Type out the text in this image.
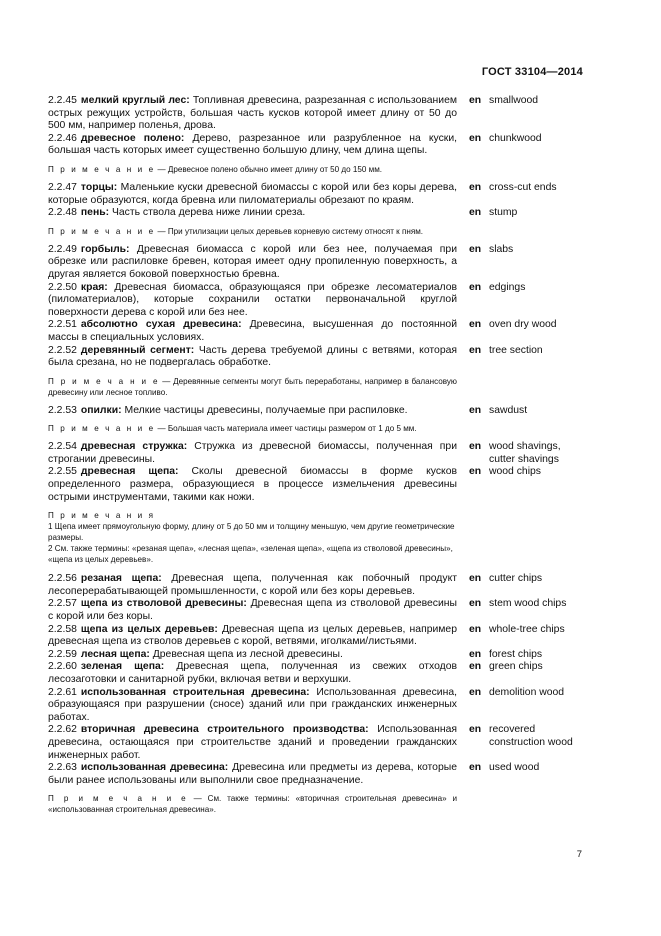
ГОСТ 33104—2014
2.2.45 мелкий круглый лес: Топливная древесина, разрезанная с использованием острых режущих устройств, большая часть кусков которой имеет длину от 50 до 500 мм, например поленья, дрова.
en smallwood
2.2.46 древесное полено: Дерево, разрезанное или разрубленное на куски, большая часть которых имеет существенно большую длину, чем длина щепы.
en chunkwood
П р и м е ч а н и е — Древесное полено обычно имеет длину от 50 до 150 мм.
2.2.47 торцы: Маленькие куски древесной биомассы с корой или без коры дерева, которые образуются, когда бревна или пиломатериалы обрезают по краям.
en cross-cut ends
2.2.48 пень: Часть ствола дерева ниже линии среза.	en stump
П р и м е ч а н и е — При утилизации целых деревьев корневую систему относят к пням.
2.2.49 горбыль: Древесная биомасса с корой или без нее, получаемая при обрезке или распиловке бревен, которая имеет одну пропиленную поверхность, а другая является боковой поверхностью бревна.
en slabs
2.2.50 края: Древесная биомасса, образующаяся при обрезке лесоматериалов (пиломатериалов), которые сохранили остатки первоначальной круглой поверхности дерева с корой или без нее.
en edgings
2.2.51 абсолютно сухая древесина: Древесина, высушенная до постоянной массы в специальных условиях.
en oven dry wood
2.2.52 деревянный сегмент: Часть дерева требуемой длины с ветвями, которая была срезана, но не подвергалась обработке.
en tree section
П р и м е ч а н и е — Деревянные сегменты могут быть переработаны, например в балансовую древесину или лесное топливо.
2.2.53 опилки: Мелкие частицы древесины, получаемые при распиловке.	en sawdust
П р и м е ч а н и е — Большая часть материала имеет частицы размером от 1 до 5 мм.
2.2.54 древесная стружка: Стружка из древесной биомассы, полученная при строгании древесины.
en wood shavings,
cutter shavings
2.2.55 древесная щепа: Сколы древесной биомассы в форме кусков определенного размера, образующиеся в процессе измельчения древесины острыми инструментами, такими как ножи.
en wood chips
П р и м е ч а н и я
1 Щепа имеет прямоугольную форму, длину от 5 до 50 мм и толщину меньшую, чем другие геометрические размеры.
2 См. также термины: «резаная щепа», «лесная щепа», «зеленая щепа», «щепа из стволовой древесины», «щепа из целых деревьев».
2.2.56 резаная щепа: Древесная щепа, полученная как побочный продукт лесоперерабатывающей промышленности, с корой или без коры деревьев.
en cutter chips
2.2.57 щепа из стволовой древесины: Древесная щепа из стволовой древесины с корой или без коры.
en stem wood chips
2.2.58 щепа из целых деревьев: Древесная щепа из целых деревьев, например древесная щепа из стволов деревьев с корой, ветвями, иголками/листьями.
en whole-tree chips
2.2.59 лесная щепа: Древесная щепа из лесной древесины.	en forest chips
2.2.60 зеленая щепа: Древесная щепа, полученная из свежих отходов лесозаготовки и санитарной рубки, включая ветви и верхушки.
en green chips
2.2.61 использованная строительная древесина: Использованная древесина, образующаяся при разрушении (сносе) зданий или при гражданских инженерных работах.
en demolition wood
2.2.62 вторичная древесина строительного производства: Использованная древесина, остающаяся при строительстве зданий и проведении гражданских инженерных работ.
en recovered
construction wood
2.2.63 использованная древесина: Древесина или предметы из дерева, которые были ранее использованы или выполнили свое предназначение.
en used wood
П р и м е ч а н и е — См. также термины: «вторичная строительная древесина» и «использованная строительная древесина».
7
